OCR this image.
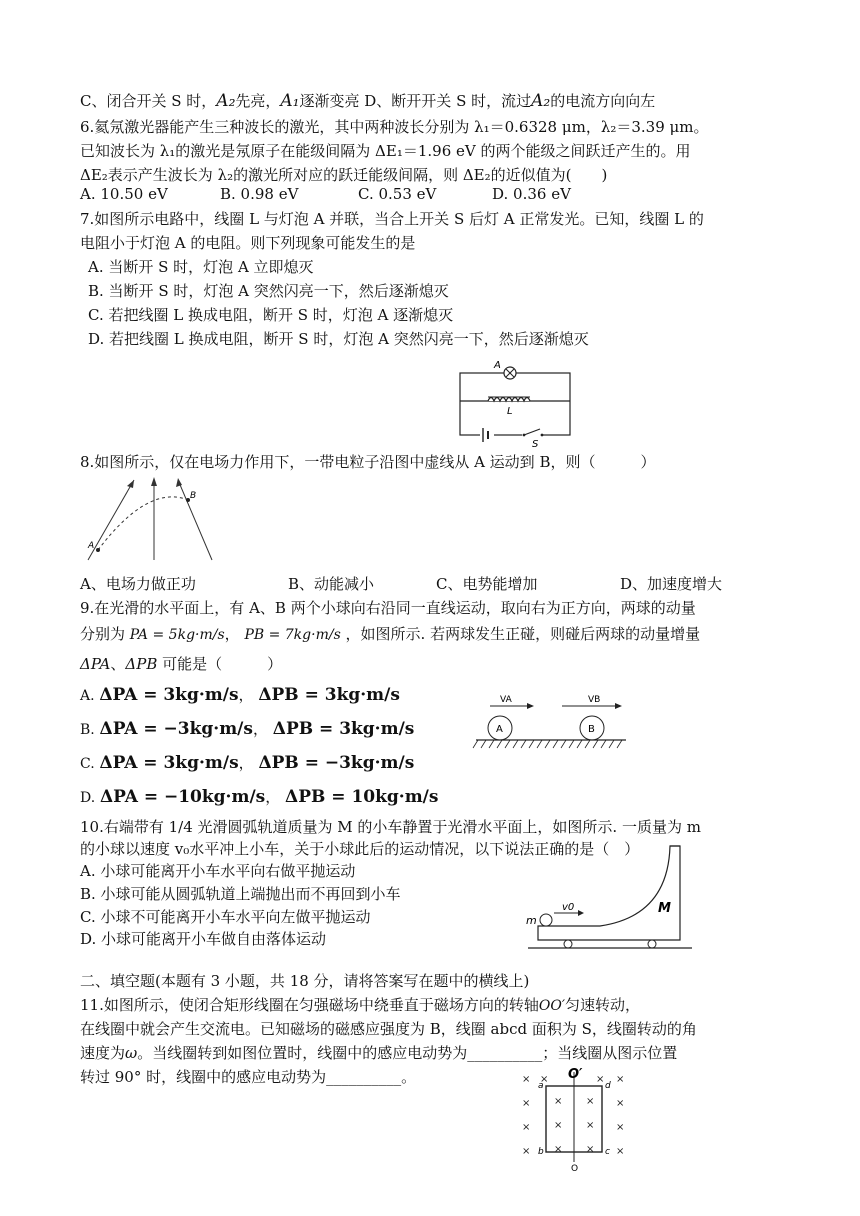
C、闭合开关 S 时，A₂先亮，A₁逐渐变亮 D、断开开关 S 时，流过A₂的电流方向向左
6.氦氖激光器能产生三种波长的激光，其中两种波长分别为 λ₁＝0.6328 μm，λ₂＝3.39 μm。
已知波长为 λ₁的激光是氖原子在能级间隔为 ΔE₁＝1.96 eV 的两个能级之间跃迁产生的。用
ΔE₂表示产生波长为 λ₂的激光所对应的跃迁能级间隔，则 ΔE₂的近似值为(　　)
A. 10.50 eV	B. 0.98 eV	C. 0.53 eV	D. 0.36 eV
7.如图所示电路中，线圈 L 与灯泡 A 并联，当合上开关 S 后灯 A 正常发光。已知，线圈 L 的
电阻小于灯泡 A 的电阻。则下列现象可能发生的是
A. 当断开 S 时，灯泡 A 立即熄灭
B. 当断开 S 时，灯泡 A 突然闪亮一下，然后逐渐熄灭
C. 若把线圈 L 换成电阻，断开 S 时，灯泡 A 逐渐熄灭
D. 若把线圈 L 换成电阻，断开 S 时，灯泡 A 突然闪亮一下，然后逐渐熄灭
A
L
S
8.如图所示，仅在电场力作用下，一带电粒子沿图中虚线从 A 运动到 B，则（　　　）
A
B
A、电场力做正功	B、动能减小	C、电势能增加	D、加速度增大
9.在光滑的水平面上，有 A、B 两个小球向右沿同一直线运动，取向右为正方向，两球的动量
分别为 PA = 5kg·m/s， PB = 7kg·m/s ，如图所示. 若两球发生正碰，则碰后两球的动量增量
ΔPA、ΔPB 可能是（　　　）
A. ΔPA = 3kg·m/s， ΔPB = 3kg·m/s
B. ΔPA = −3kg·m/s， ΔPB = 3kg·m/s
C. ΔPA = 3kg·m/s， ΔPB = −3kg·m/s
D. ΔPA = −10kg·m/s， ΔPB = 10kg·m/s
VA	VB
A	B
10.右端带有 1/4 光滑圆弧轨道质量为 M 的小车静置于光滑水平面上，如图所示. 一质量为 m
的小球以速度 v₀水平冲上小车，关于小球此后的运动情况，以下说法正确的是（　）
A. 小球可能离开小车水平向右做平抛运动
B. 小球可能从圆弧轨道上端抛出而不再回到小车
C. 小球不可能离开小车水平向左做平抛运动
D. 小球可能离开小车做自由落体运动
m
v0	M
二、填空题(本题有 3 小题，共 18 分，请将答案写在题中的横线上)
11.如图所示，使闭合矩形线圈在匀强磁场中绕垂直于磁场方向的转轴OO′匀速转动，
在线圈中就会产生交流电。已知磁场的磁感应强度为 B，线圈 abcd 面积为 S，线圈转动的角
速度为ω。当线圈转到如图位置时，线圈中的感应电动势为__________；当线圈从图示位置
转过 90° 时，线圈中的感应电动势为__________。	× ×	× ×
×	×
×	×
×	×
× ×
× ×
× ×
O′
O
a	d
b	c
